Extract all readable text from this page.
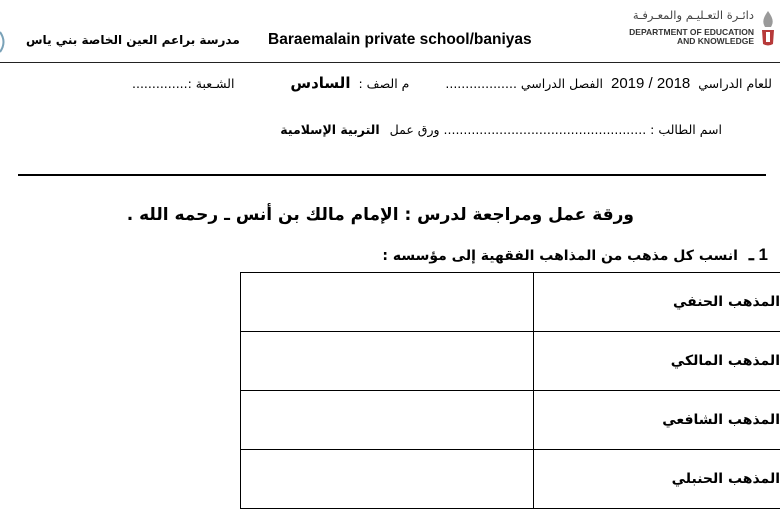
دائـرة التعـليـم والمعـرفـة
DEPARTMENT OF EDUCATION
AND KNOWLEDGE
Baraemalain private school/baniyas
مدرسة براعم العين الخاصة بني ياس
للعام الدراسي 2018 / 2019 الفصل الدراسي ..................  م الصف : السادس  الشـعبة :..............
اسم الطالب : ................................................... ورق عمل التربية الإسلامية
ورقة عمل ومراجعة لدرس : الإمام مالك بن أنس ـ رحمه الله .
1 ـ انسب كل مذهب من المذاهب الفقهية إلى مؤسسه :
	المذهب الحنفي
	المذهب المالكي
	المذهب الشافعي
	المذهب الحنبلي
